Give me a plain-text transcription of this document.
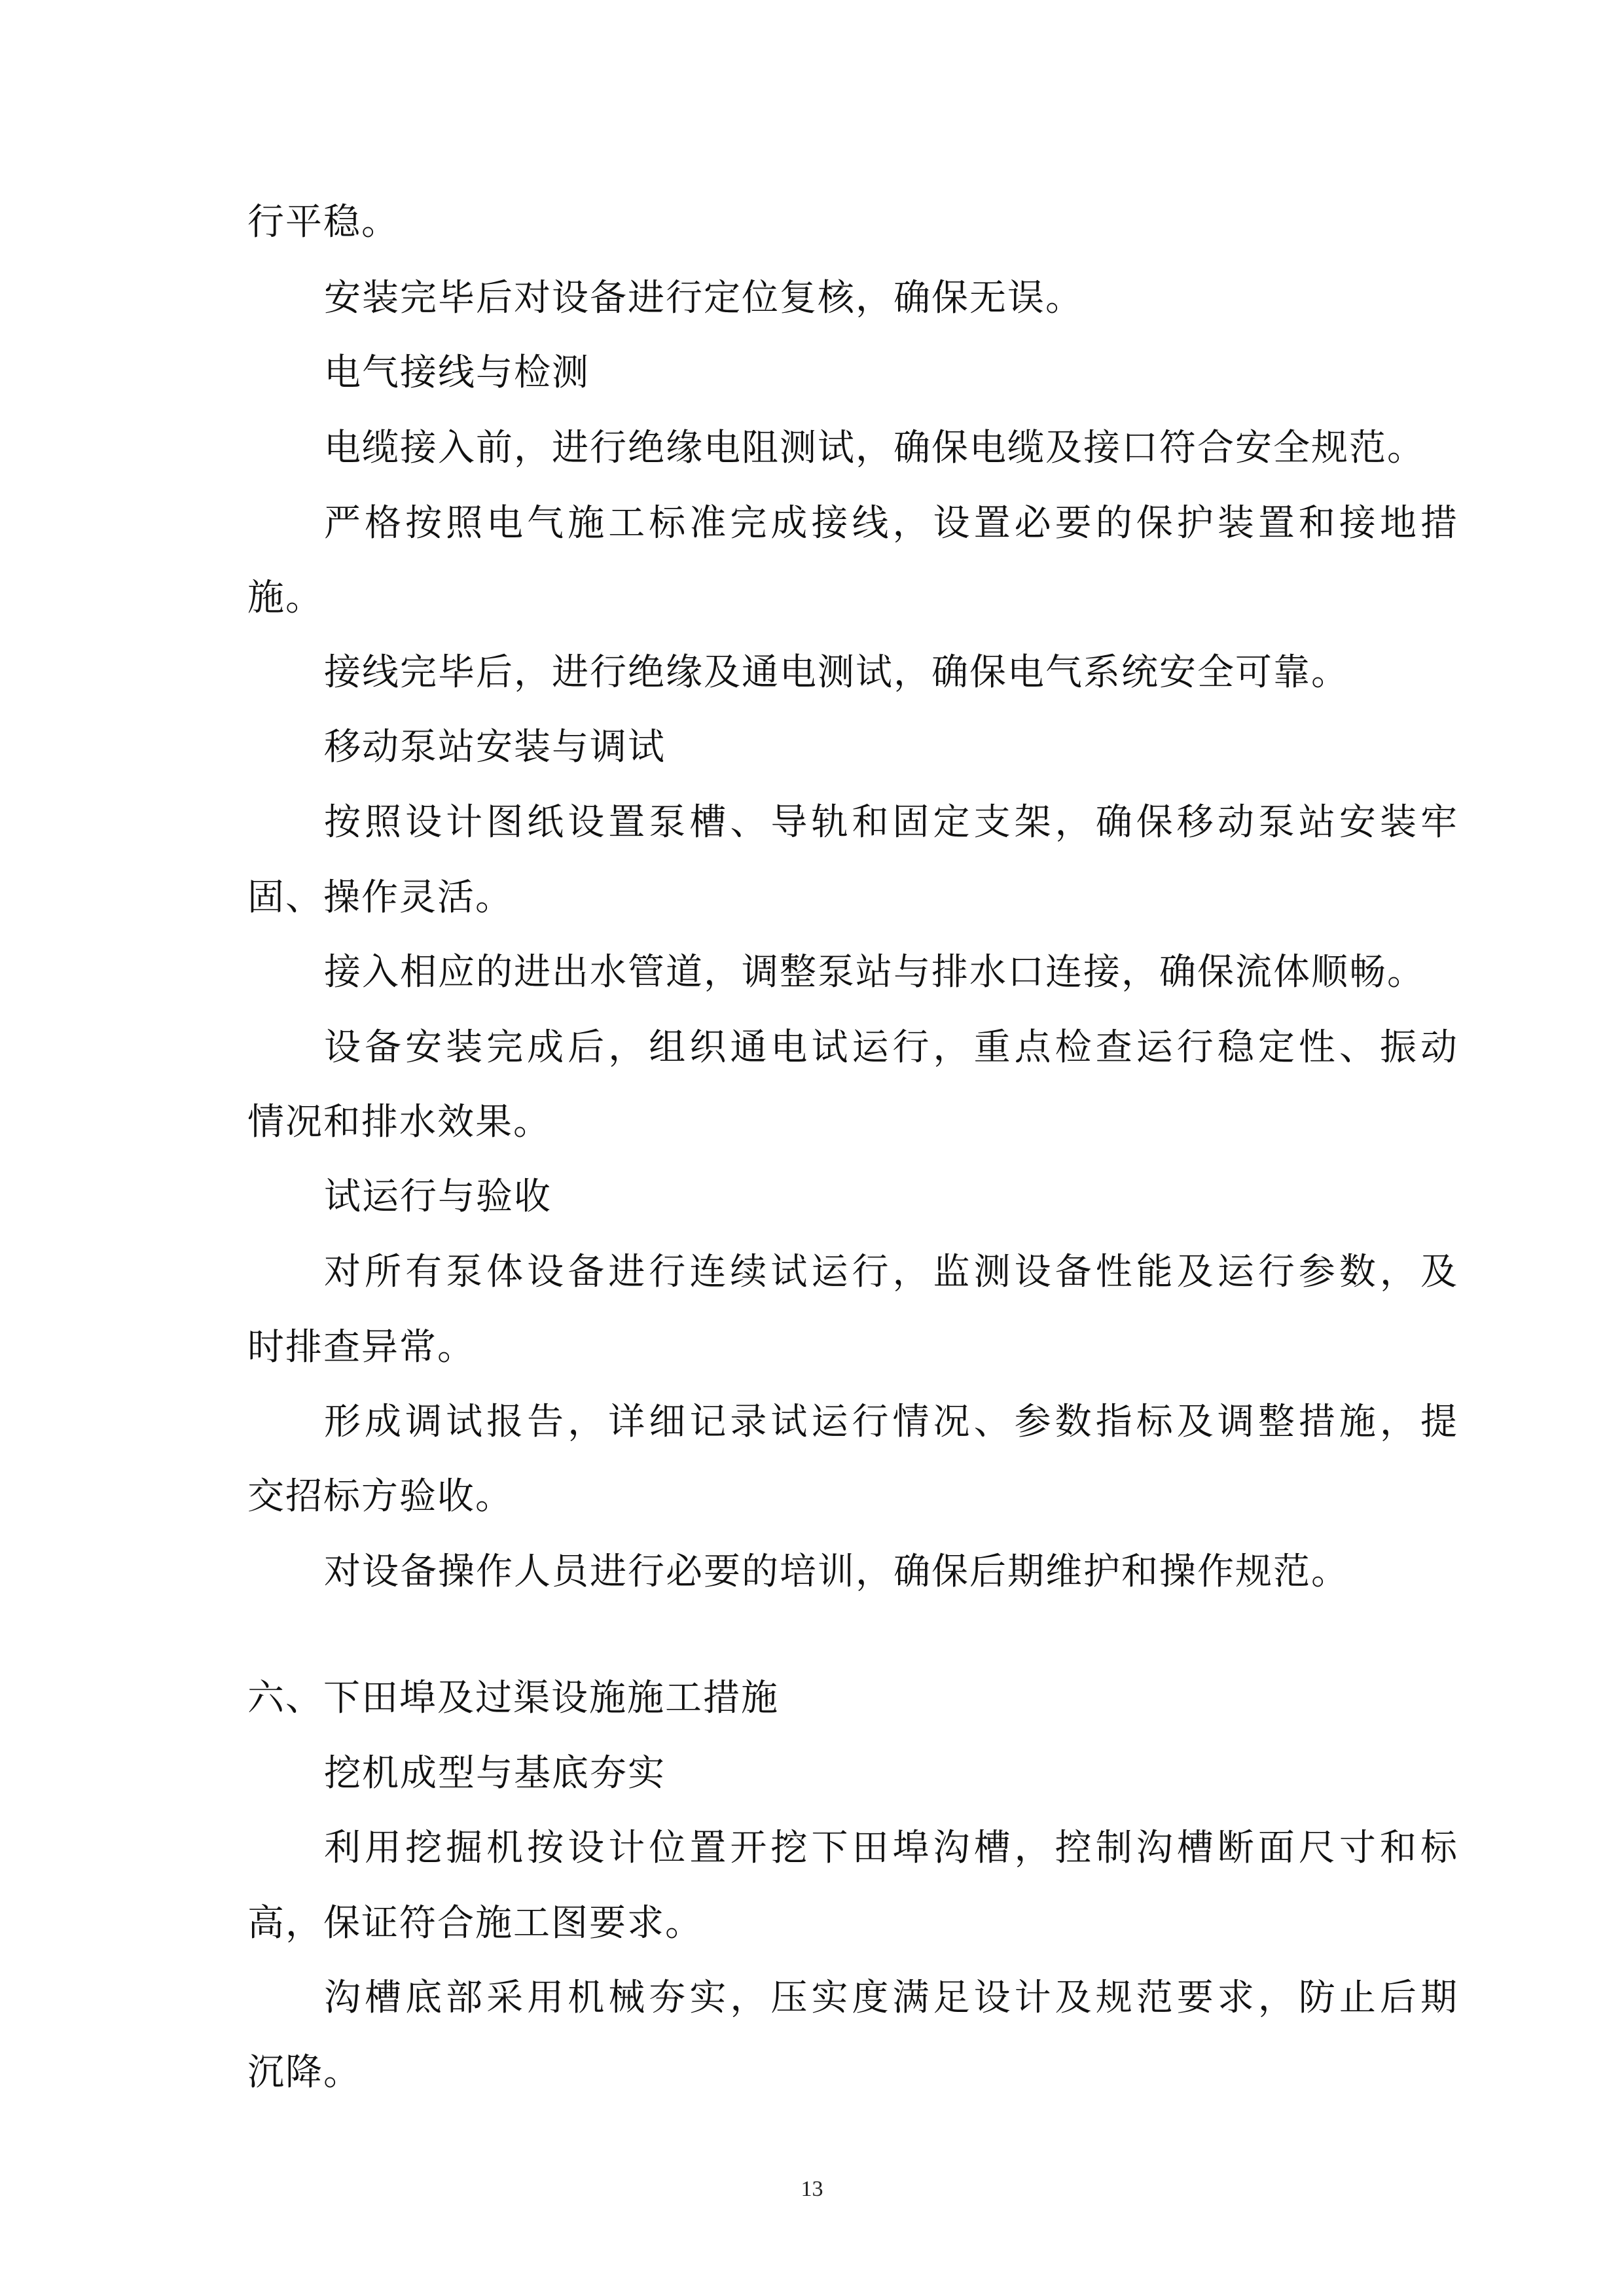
行平稳。
安装完毕后对设备进行定位复核，确保无误。
电气接线与检测
电缆接入前，进行绝缘电阻测试，确保电缆及接口符合安全规范。
严格按照电气施工标准完成接线，设置必要的保护装置和接地措
施。
接线完毕后，进行绝缘及通电测试，确保电气系统安全可靠。
移动泵站安装与调试
按照设计图纸设置泵槽、导轨和固定支架，确保移动泵站安装牢
固、操作灵活。
接入相应的进出水管道，调整泵站与排水口连接，确保流体顺畅。
设备安装完成后，组织通电试运行，重点检查运行稳定性、振动
情况和排水效果。
试运行与验收
对所有泵体设备进行连续试运行，监测设备性能及运行参数，及
时排查异常。
形成调试报告，详细记录试运行情况、参数指标及调整措施，提
交招标方验收。
对设备操作人员进行必要的培训，确保后期维护和操作规范。
六、下田埠及过渠设施施工措施
挖机成型与基底夯实
利用挖掘机按设计位置开挖下田埠沟槽，控制沟槽断面尺寸和标
高，保证符合施工图要求。
沟槽底部采用机械夯实，压实度满足设计及规范要求，防止后期
沉降。
13
